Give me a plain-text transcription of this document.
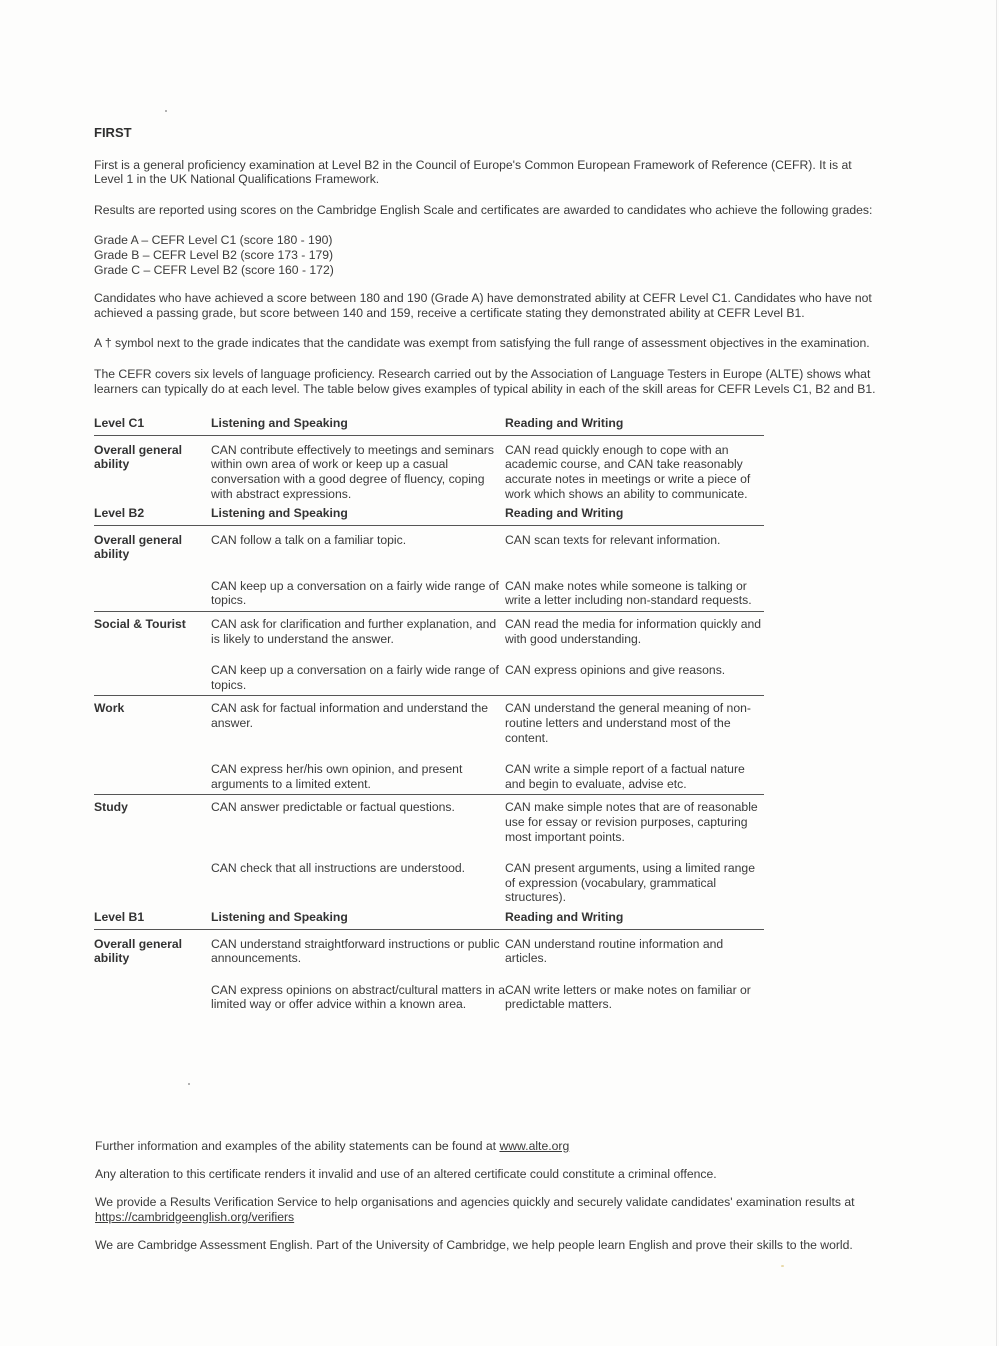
FIRST

First is a general proficiency examination at Level B2 in the Council of Europe's Common European Framework of Reference (CEFR). It is at Level 1 in the UK National Qualifications Framework.

Results are reported using scores on the Cambridge English Scale and certificates are awarded to candidates who achieve the following grades:

Grade A – CEFR Level C1 (score 180 - 190)
Grade B – CEFR Level B2 (score 173 - 179)
Grade C – CEFR Level B2 (score 160 - 172)

Candidates who have achieved a score between 180 and 190 (Grade A) have demonstrated ability at CEFR Level C1. Candidates who have not achieved a passing grade, but score between 140 and 159, receive a certificate stating they demonstrated ability at CEFR Level B1.

A † symbol next to the grade indicates that the candidate was exempt from satisfying the full range of assessment objectives in the examination.

The CEFR covers six levels of language proficiency. Research carried out by the Association of Language Testers in Europe (ALTE) shows what learners can typically do at each level. The table below gives examples of typical ability in each of the skill areas for CEFR Levels C1, B2 and B1.

Level C1	Listening and Speaking	Reading and Writing
Overall general ability	CAN contribute effectively to meetings and seminars within own area of work or keep up a casual conversation with a good degree of fluency, coping with abstract expressions.	CAN read quickly enough to cope with an academic course, and CAN take reasonably accurate notes in meetings or write a piece of work which shows an ability to communicate.
Level B2	Listening and Speaking	Reading and Writing
Overall general ability	CAN follow a talk on a familiar topic.	CAN scan texts for relevant information.
	CAN keep up a conversation on a fairly wide range of topics.	CAN make notes while someone is talking or write a letter including non-standard requests.
Social & Tourist	CAN ask for clarification and further explanation, and is likely to understand the answer.	CAN read the media for information quickly and with good understanding.
	CAN keep up a conversation on a fairly wide range of topics.	CAN express opinions and give reasons.
Work	CAN ask for factual information and understand the answer.	CAN understand the general meaning of non-routine letters and understand most of the content.
	CAN express her/his own opinion, and present arguments to a limited extent.	CAN write a simple report of a factual nature and begin to evaluate, advise etc.
Study	CAN answer predictable or factual questions.	CAN make simple notes that are of reasonable use for essay or revision purposes, capturing most important points.
	CAN check that all instructions are understood.	CAN present arguments, using a limited range of expression (vocabulary, grammatical structures).
Level B1	Listening and Speaking	Reading and Writing
Overall general ability	CAN understand straightforward instructions or public announcements.	CAN understand routine information and articles.
	CAN express opinions on abstract/cultural matters in a limited way or offer advice within a known area.	CAN write letters or make notes on familiar or predictable matters.

Further information and examples of the ability statements can be found at www.alte.org

Any alteration to this certificate renders it invalid and use of an altered certificate could constitute a criminal offence.

We provide a Results Verification Service to help organisations and agencies quickly and securely validate candidates' examination results at
https://cambridgeenglish.org/verifiers

We are Cambridge Assessment English. Part of the University of Cambridge, we help people learn English and prove their skills to the world.
